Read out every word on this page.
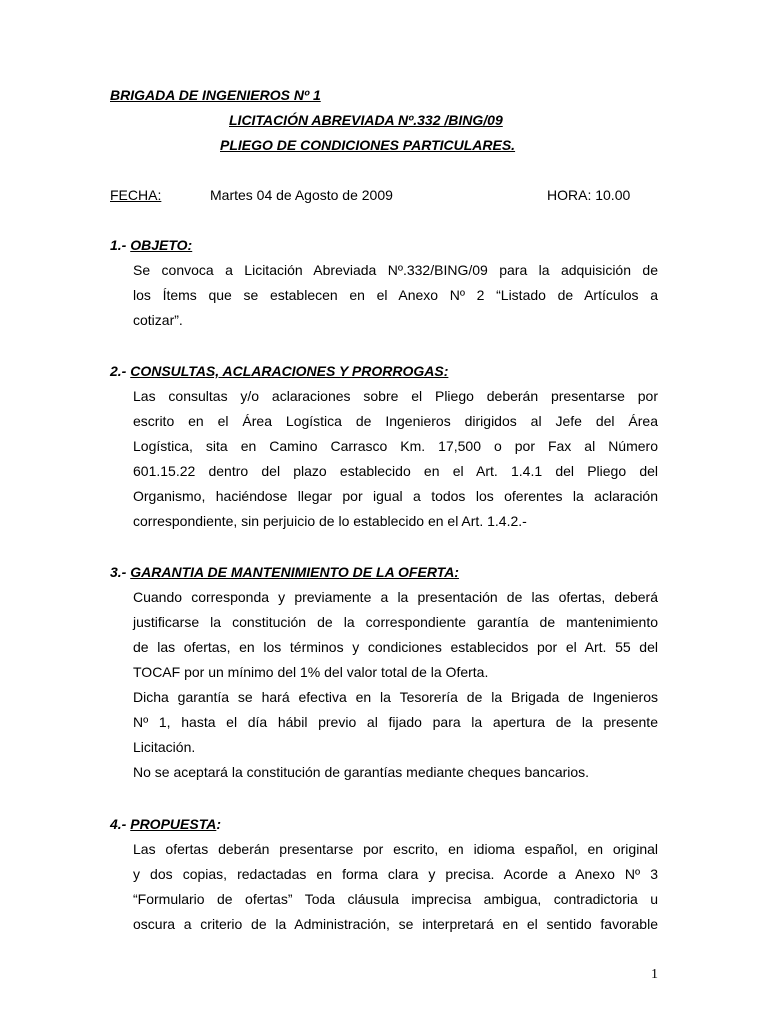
BRIGADA DE INGENIEROS Nº 1
LICITACIÓN ABREVIADA Nº.332 /BING/09
PLIEGO DE CONDICIONES PARTICULARES.
FECHA:	Martes 04 de Agosto de 2009	HORA: 10.00
1.- OBJETO:
Se convoca a Licitación Abreviada Nº.332/BING/09 para la adquisición de
los Ítems que se establecen en el Anexo Nº 2 “Listado de Artículos a
cotizar”.
2.- CONSULTAS, ACLARACIONES Y PRORROGAS:
Las consultas y/o aclaraciones sobre el Pliego deberán presentarse por
escrito en el Área Logística de Ingenieros dirigidos al Jefe del Área
Logística, sita en Camino Carrasco Km. 17,500 o por Fax al Número
601.15.22 dentro del plazo establecido en el Art. 1.4.1 del Pliego del
Organismo, haciéndose llegar por igual a todos los oferentes la aclaración
correspondiente, sin perjuicio de lo establecido en el Art. 1.4.2.-
3.- GARANTIA DE MANTENIMIENTO DE LA OFERTA:
Cuando corresponda y previamente a la presentación de las ofertas, deberá
justificarse la constitución de la correspondiente garantía de mantenimiento
de las ofertas, en los términos y condiciones establecidos por el Art. 55 del
TOCAF por un mínimo del 1% del valor total de la Oferta.
Dicha garantía se hará efectiva en la Tesorería de la Brigada de Ingenieros
Nº 1, hasta el día hábil previo al fijado para la apertura de la presente
Licitación.
No se aceptará la constitución de garantías mediante cheques bancarios.
4.- PROPUESTA:
Las ofertas deberán presentarse por escrito, en idioma español, en original
y dos copias, redactadas en forma clara y precisa. Acorde a Anexo Nº 3
“Formulario de ofertas” Toda cláusula imprecisa ambigua, contradictoria u
oscura a criterio de la Administración, se interpretará en el sentido favorable
1
